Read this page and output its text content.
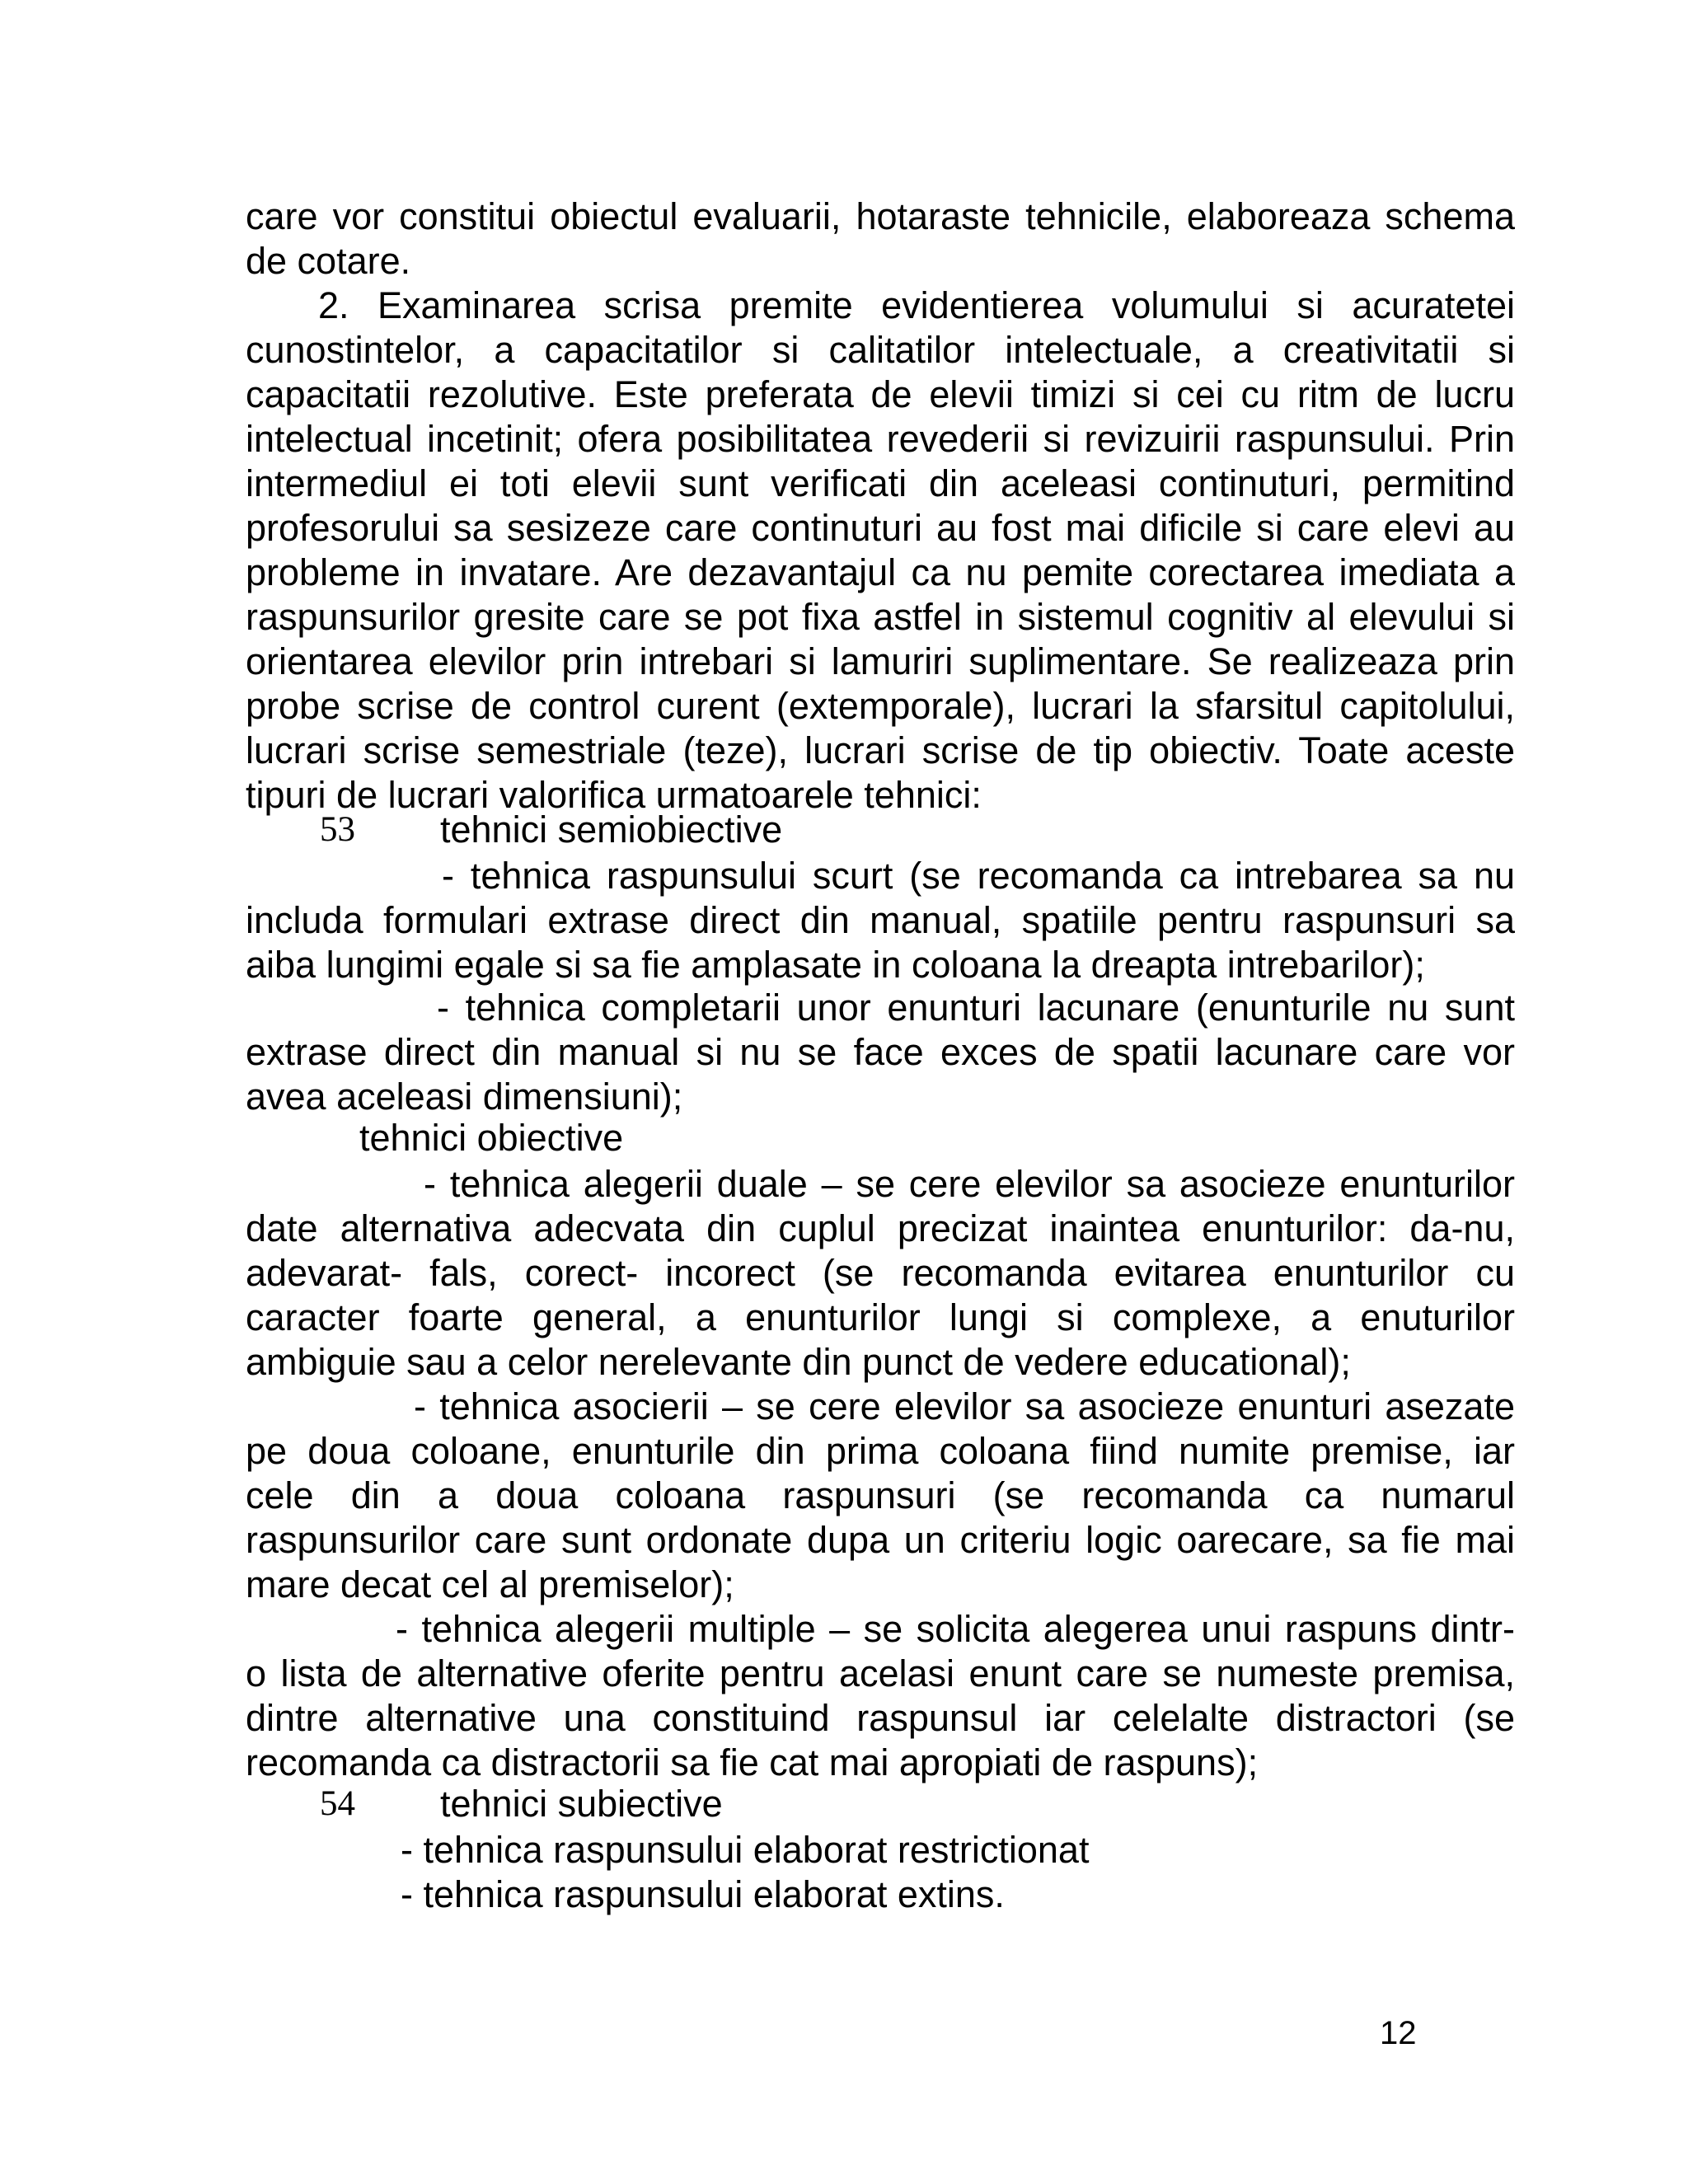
care vor constitui obiectul evaluarii, hotaraste tehnicile, elaboreaza schema
de cotare.
2. Examinarea scrisa premite evidentierea volumului si acuratetei
cunostintelor, a capacitatilor si calitatilor intelectuale, a creativitatii si
capacitatii rezolutive. Este preferata de elevii timizi si cei cu ritm de lucru
intelectual incetinit; ofera posibilitatea revederii si revizuirii raspunsului. Prin
intermediul ei toti elevii sunt verificati din aceleasi continuturi, permitind
profesorului sa sesizeze care continuturi au fost mai dificile si care elevi au
probleme in invatare. Are dezavantajul ca nu pemite corectarea imediata a
raspunsurilor gresite care se pot fixa astfel in sistemul cognitiv al elevului si
orientarea elevilor prin intrebari si lamuriri suplimentare. Se realizeaza prin
probe scrise de control curent (extemporale), lucrari la sfarsitul capitolului,
lucrari scrise semestriale (teze), lucrari scrise de tip obiectiv. Toate aceste
tipuri de lucrari valorifica urmatoarele tehnici:
53 tehnici semiobiective
- tehnica raspunsului scurt (se recomanda ca intrebarea sa nu
includa formulari extrase direct din manual, spatiile pentru raspunsuri sa
aiba lungimi egale si sa fie amplasate in coloana la dreapta intrebarilor);
- tehnica completarii unor enunturi lacunare (enunturile nu sunt
extrase direct din manual si nu se face exces de spatii lacunare care vor
avea aceleasi dimensiuni);
tehnici obiective
- tehnica alegerii duale – se cere elevilor sa asocieze enunturilor
date alternativa adecvata din cuplul precizat inaintea enunturilor: da-nu,
adevarat- fals, corect- incorect (se recomanda evitarea enunturilor cu
caracter foarte general, a enunturilor lungi si complexe, a enuturilor
ambiguie sau a celor nerelevante din punct de vedere educational);
- tehnica asocierii – se cere elevilor sa asocieze enunturi asezate
pe doua coloane, enunturile din prima coloana fiind numite premise, iar
cele din a doua coloana raspunsuri (se recomanda ca numarul
raspunsurilor care sunt ordonate dupa un criteriu logic oarecare, sa fie mai
mare decat cel al premiselor);
- tehnica alegerii multiple – se solicita alegerea unui raspuns dintr-
o lista de alternative oferite pentru acelasi enunt care se numeste premisa,
dintre alternative una constituind raspunsul iar celelalte distractori (se
recomanda ca distractorii sa fie cat mai apropiati de raspuns);
54 tehnici subiective
- tehnica raspunsului elaborat restrictionat
- tehnica raspunsului elaborat extins.
12
